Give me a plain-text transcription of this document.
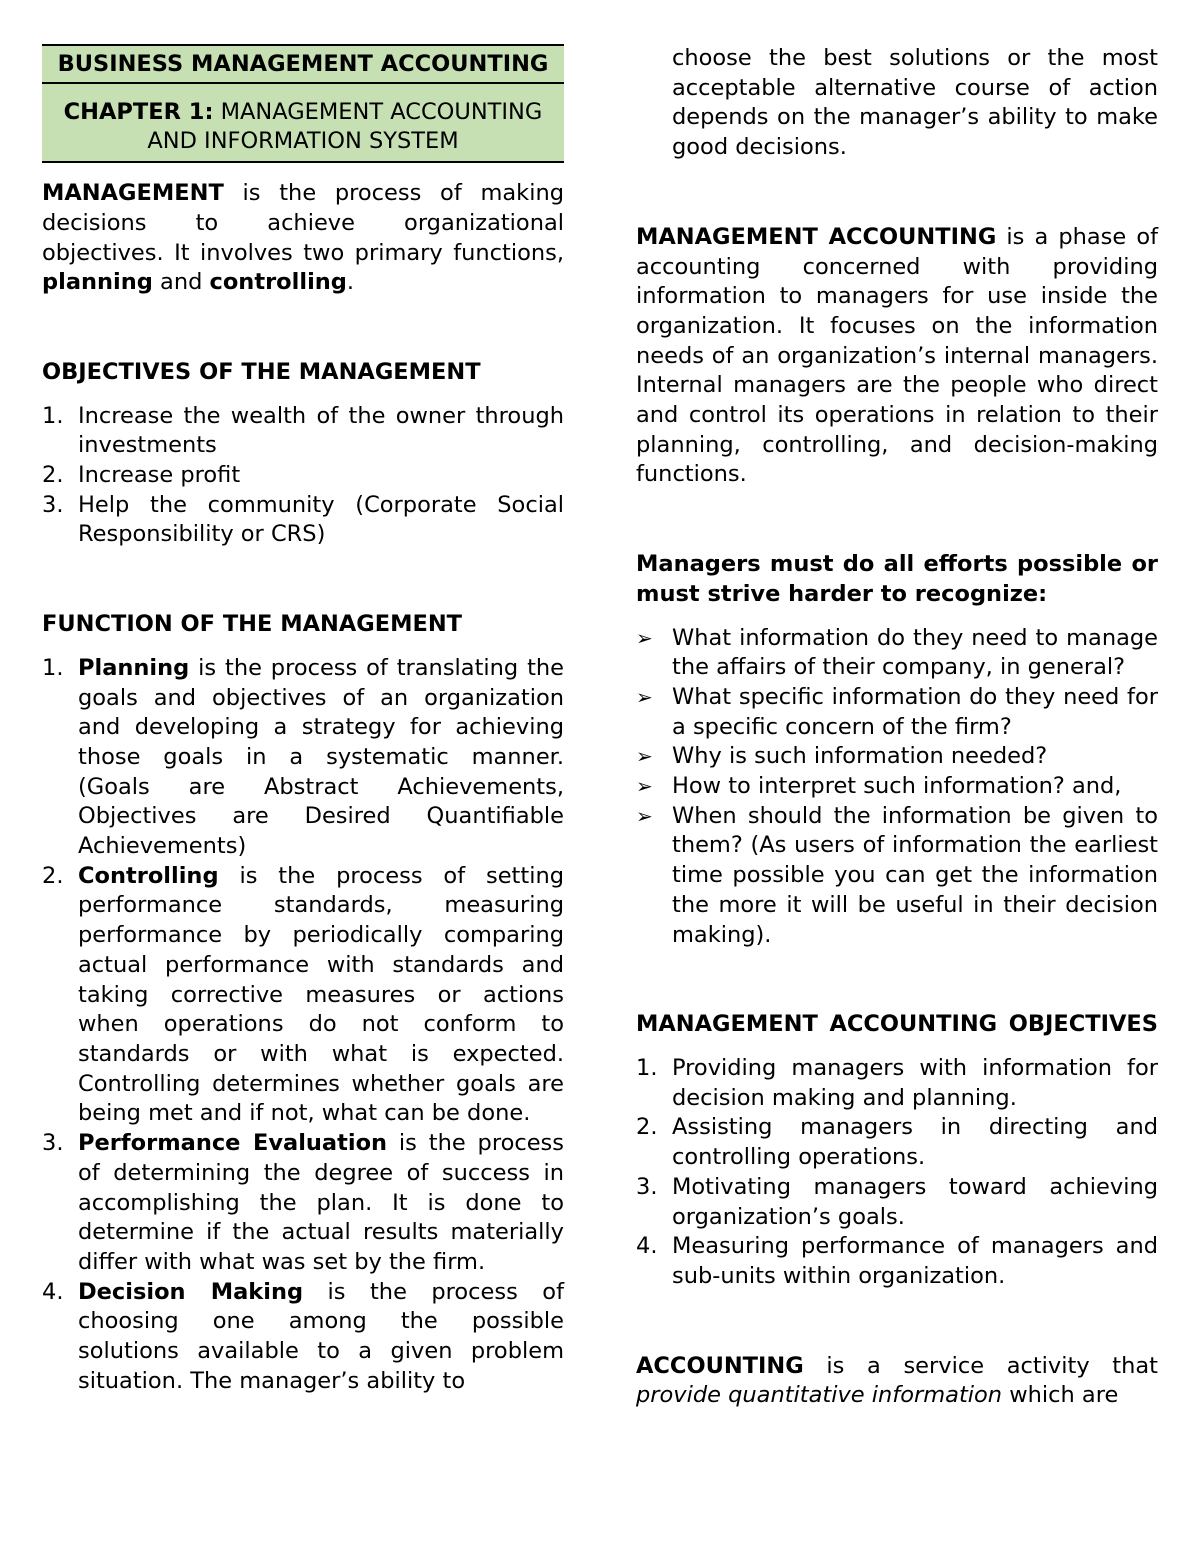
BUSINESS MANAGEMENT ACCOUNTING
CHAPTER 1: MANAGEMENT ACCOUNTING AND INFORMATION SYSTEM

MANAGEMENT is the process of making decisions to achieve organizational objectives. It involves two primary functions, planning and controlling.

OBJECTIVES OF THE MANAGEMENT

1. Increase the wealth of the owner through investments
2. Increase profit
3. Help the community (Corporate Social Responsibility or CRS)

FUNCTION OF THE MANAGEMENT

1. Planning is the process of translating the goals and objectives of an organization and developing a strategy for achieving those goals in a systematic manner. (Goals are Abstract Achievements, Objectives are Desired Quantifiable Achievements)
2. Controlling is the process of setting performance standards, measuring performance by periodically comparing actual performance with standards and taking corrective measures or actions when operations do not conform to standards or with what is expected. Controlling determines whether goals are being met and if not, what can be done.
3. Performance Evaluation is the process of determining the degree of success in accomplishing the plan. It is done to determine if the actual results materially differ with what was set by the firm.
4. Decision Making is the process of choosing one among the possible solutions available to a given problem situation. The manager’s ability to
choose the best solutions or the most acceptable alternative course of action depends on the manager’s ability to make good decisions.

MANAGEMENT ACCOUNTING is a phase of accounting concerned with providing information to managers for use inside the organization. It focuses on the information needs of an organization’s internal managers. Internal managers are the people who direct and control its operations in relation to their planning, controlling, and decision-making functions.

Managers must do all efforts possible or must strive harder to recognize:

➢ What information do they need to manage the affairs of their company, in general?
➢ What specific information do they need for a specific concern of the firm?
➢ Why is such information needed?
➢ How to interpret such information? and,
➢ When should the information be given to them? (As users of information the earliest time possible you can get the information the more it will be useful in their decision making).

MANAGEMENT ACCOUNTING OBJECTIVES

1. Providing managers with information for decision making and planning.
2. Assisting managers in directing and controlling operations.
3. Motivating managers toward achieving organization’s goals.
4. Measuring performance of managers and sub-units within organization.

ACCOUNTING is a service activity that provide quantitative information which are
